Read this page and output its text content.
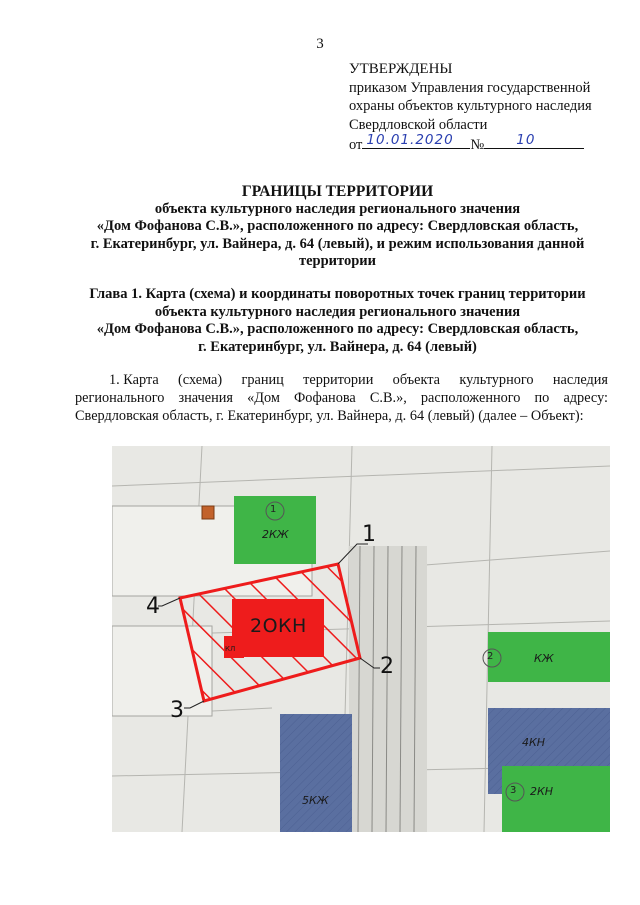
3
УТВЕРЖДЕНЫ
приказом Управления государственной
охраны объектов культурного наследия
Свердловской области
от 10.01.2020 № 10
ГРАНИЦЫ ТЕРРИТОРИИ
объекта культурного наследия регионального значения
«Дом Фофанова С.В.», расположенного по адресу: Свердловская область,
г. Екатеринбург, ул. Вайнера, д. 64 (левый), и режим использования данной
территории
Глава 1. Карта (схема) и координаты поворотных точек границ территории
объекта культурного наследия регионального значения
«Дом Фофанова С.В.», расположенного по адресу: Свердловская область,
г. Екатеринбург, ул. Вайнера, д. 64 (левый)
1. Карта (схема) границ территории объекта культурного наследия
регионального значения «Дом Фофанова С.В.», расположенного по адресу:
Свердловская область, г. Екатеринбург, ул. Вайнера, д. 64 (левый) (далее – Объект):
1
2
3
2КЖ
КЖ
2КН
4КН
5КЖ
2ОКН
КЛ
1
2
3
4
